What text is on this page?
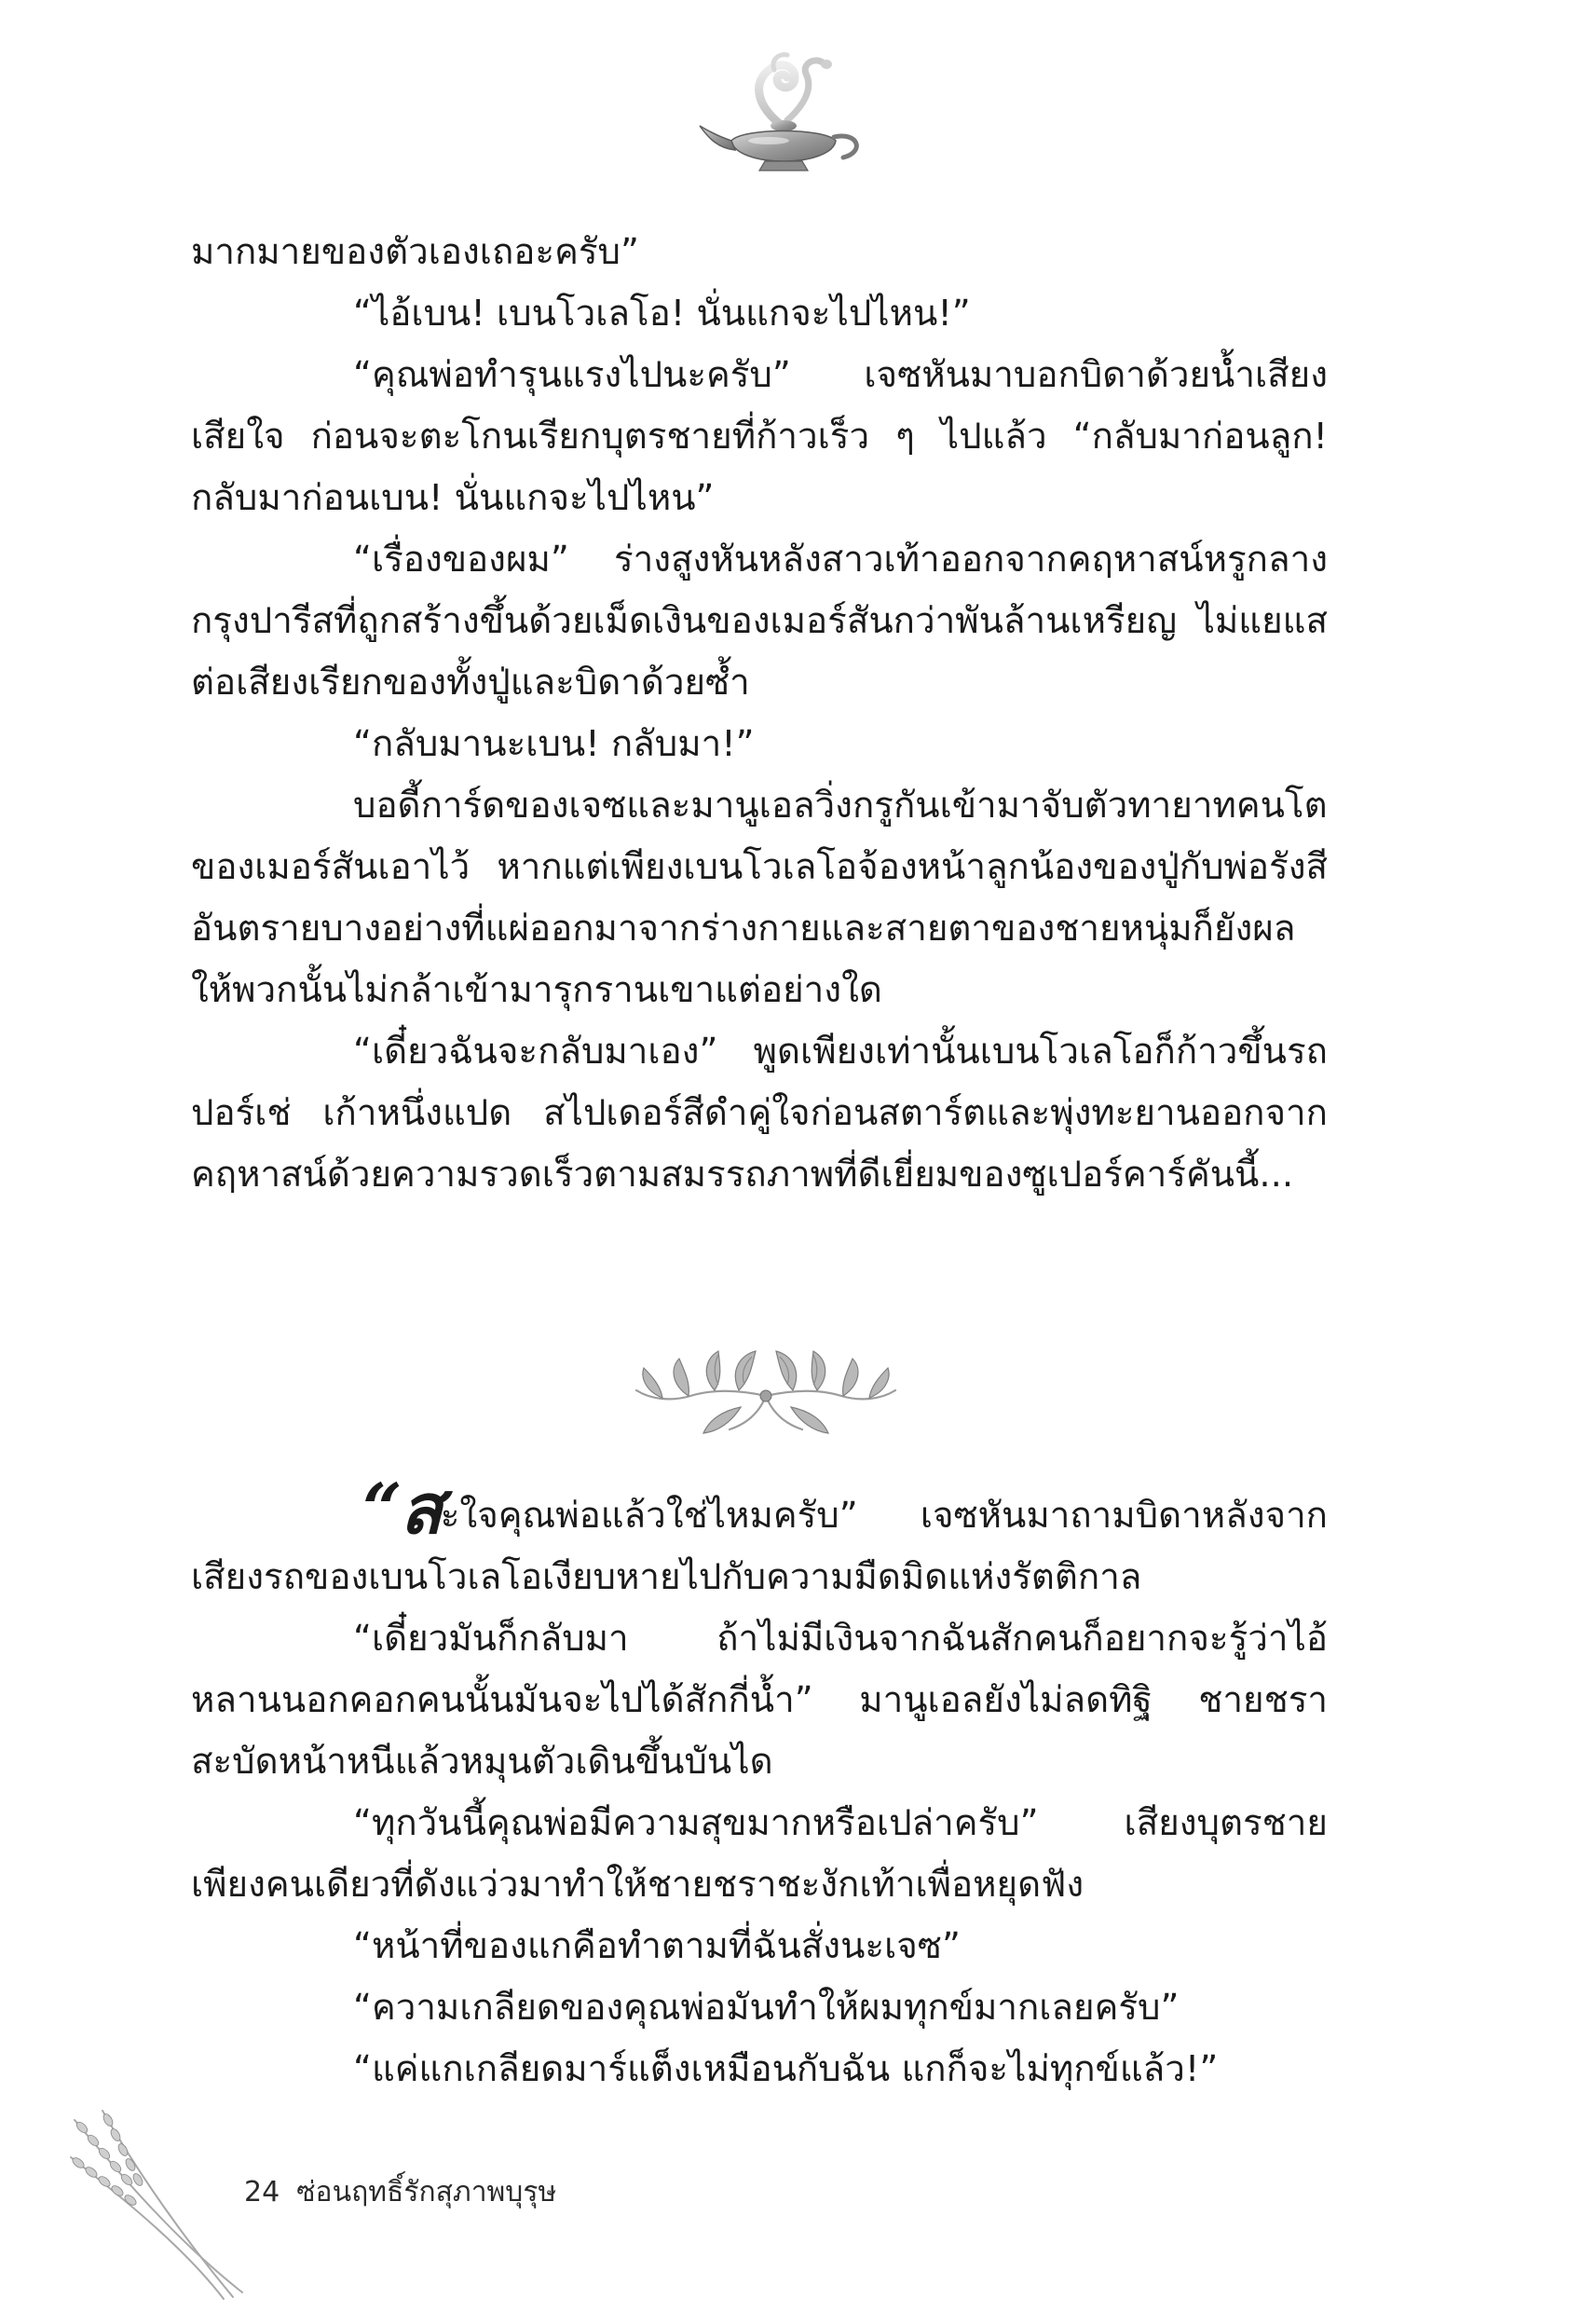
มากมายของตัวเองเถอะครับ”

“ไอ้เบน! เบนโวเลโอ! นั่นแกจะไปไหน!”

“คุณพ่อทำรุนแรงไปนะครับ” เจซหันมาบอกบิดาด้วยน้ำเสียงเสียใจ ก่อนจะตะโกนเรียกบุตรชายที่ก้าวเร็ว ๆ ไปแล้ว “กลับมาก่อนลูก! กลับมาก่อนเบน! นั่นแกจะไปไหน”

“เรื่องของผม” ร่างสูงหันหลังสาวเท้าออกจากคฤหาสน์หรูกลางกรุงปารีสที่ถูกสร้างขึ้นด้วยเม็ดเงินของเมอร์สันกว่าพันล้านเหรียญ ไม่แยแสต่อเสียงเรียกของทั้งปู่และบิดาด้วยซ้ำ

“กลับมานะเบน! กลับมา!”

บอดี้การ์ดของเจซและมานูเอลวิ่งกรูกันเข้ามาจับตัวทายาทคนโตของเมอร์สันเอาไว้ หากแต่เพียงเบนโวเลโอจ้องหน้าลูกน้องของปู่กับพ่อรังสีอันตรายบางอย่างที่แผ่ออกมาจากร่างกายและสายตาของชายหนุ่มก็ยังผลให้พวกนั้นไม่กล้าเข้ามารุกรานเขาแต่อย่างใด

“เดี๋ยวฉันจะกลับมาเอง” พูดเพียงเท่านั้นเบนโวเลโอก็ก้าวขึ้นรถปอร์เช่ เก้าหนึ่งแปด สไปเดอร์สีดำคู่ใจก่อนสตาร์ตและพุ่งทะยานออกจากคฤหาสน์ด้วยความรวดเร็วตามสมรรถภาพที่ดีเยี่ยมของซูเปอร์คาร์คันนี้...

“สะใจคุณพ่อแล้วใช่ไหมครับ” เจซหันมาถามบิดาหลังจากเสียงรถของเบนโวเลโอเงียบหายไปกับความมืดมิดแห่งรัตติกาล

“เดี๋ยวมันก็กลับมา ถ้าไม่มีเงินจากฉันสักคนก็อยากจะรู้ว่าไอ้หลานนอกคอกคนนั้นมันจะไปได้สักกี่น้ำ” มานูเอลยังไม่ลดทิฐิ ชายชราสะบัดหน้าหนีแล้วหมุนตัวเดินขึ้นบันได

“ทุกวันนี้คุณพ่อมีความสุขมากหรือเปล่าครับ” เสียงบุตรชายเพียงคนเดียวที่ดังแว่วมาทำให้ชายชราชะงักเท้าเพื่อหยุดฟัง

“หน้าที่ของแกคือทำตามที่ฉันสั่งนะเจซ”

“ความเกลียดของคุณพ่อมันทำให้ผมทุกข์มากเลยครับ”

“แค่แกเกลียดมาร์แต็งเหมือนกับฉัน แกก็จะไม่ทุกข์แล้ว!”

24 ซ่อนฤทธิ์รักสุภาพบุรุษ
